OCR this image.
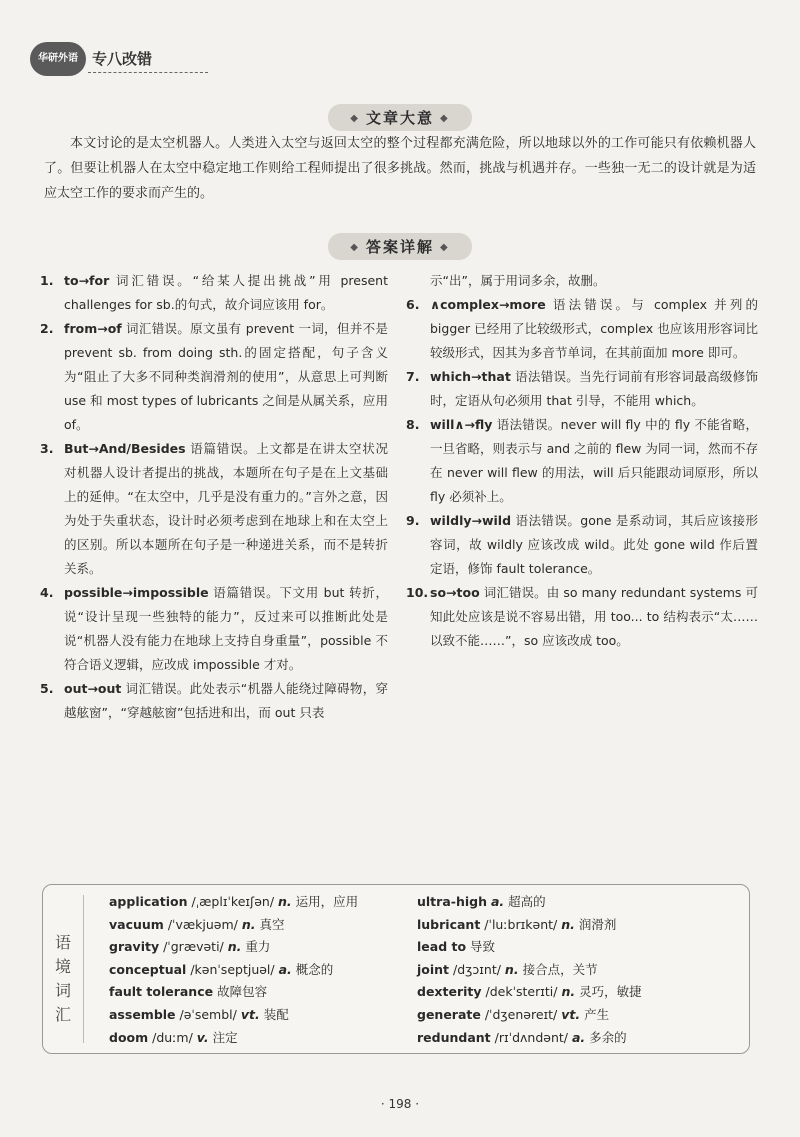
华研外语 专八改错
◆ 文章大意 ◆
本文讨论的是太空机器人。人类进入太空与返回太空的整个过程都充满危险，所以地球以外的工作可能只有依赖机器人了。但要让机器人在太空中稳定地工作则给工程师提出了很多挑战。然而，挑战与机遇并存。一些独一无二的设计就是为适应太空工作的要求而产生的。
◆ 答案详解 ◆
1. to→for 词汇错误。“给某人提出挑战”用 present challenges for sb.的句式，故介词应该用 for。
2. from→of 词汇错误。原文虽有 prevent 一词，但并不是 prevent sb. from doing sth.的固定搭配，句子含义为“阻止了大多不同种类润滑剂的使用”，从意思上可判断 use 和 most types of lubricants 之间是从属关系，应用 of。
3. But→And/Besides 语篇错误。上文都是在讲太空状况对机器人设计者提出的挑战，本题所在句子是在上文基础上的延伸。“在太空中，几乎是没有重力的。”言外之意，因为处于失重状态，设计时必须考虑到在地球上和在太空上的区别。所以本题所在句子是一种递进关系，而不是转折关系。
4. possible→impossible 语篇错误。下文用 but 转折，说“设计呈现一些独特的能力”，反过来可以推断此处是说“机器人没有能力在地球上支持自身重量”，possible 不符合语义逻辑，应改成 impossible 才对。
5. out→out 词汇错误。此处表示“机器人能绕过障碍物，穿越舷窗”，“穿越舷窗”包括进和出，而 out 只表
示“出”，属于用词多余，故删。
6. ∧complex→more 语法错误。与 complex 并列的 bigger 已经用了比较级形式，complex 也应该用形容词比较级形式，因其为多音节单词，在其前面加 more 即可。
7. which→that 语法错误。当先行词前有形容词最高级修饰时，定语从句必须用 that 引导，不能用 which。
8. will∧→fly 语法错误。never will fly 中的 fly 不能省略，一旦省略，则表示与 and 之前的 flew 为同一词，然而不存在 never will flew 的用法，will 后只能跟动词原形，所以 fly 必须补上。
9. wildly→wild 语法错误。gone 是系动词，其后应该接形容词，故 wildly 应该改成 wild。此处 gone wild 作后置定语，修饰 fault tolerance。
10. so→too 词汇错误。由 so many redundant systems 可知此处应该是说不容易出错，用 too... to 结构表示“太……以致不能……”，so 应该改成 too。
语境词汇
application /ˌæplɪˈkeɪʃən/ n. 运用，应用
vacuum /ˈvækjuəm/ n. 真空
gravity /ˈgrævəti/ n. 重力
conceptual /kənˈseptjuəl/ a. 概念的
fault tolerance 故障包容
assemble /əˈsembl/ vt. 装配
doom /duːm/ v. 注定
ultra-high a. 超高的
lubricant /ˈluːbrɪkənt/ n. 润滑剂
lead to 导致
joint /dʒɔɪnt/ n. 接合点，关节
dexterity /dekˈsterɪti/ n. 灵巧，敏捷
generate /ˈdʒenəreɪt/ vt. 产生
redundant /rɪˈdʌndənt/ a. 多余的
· 198 ·
